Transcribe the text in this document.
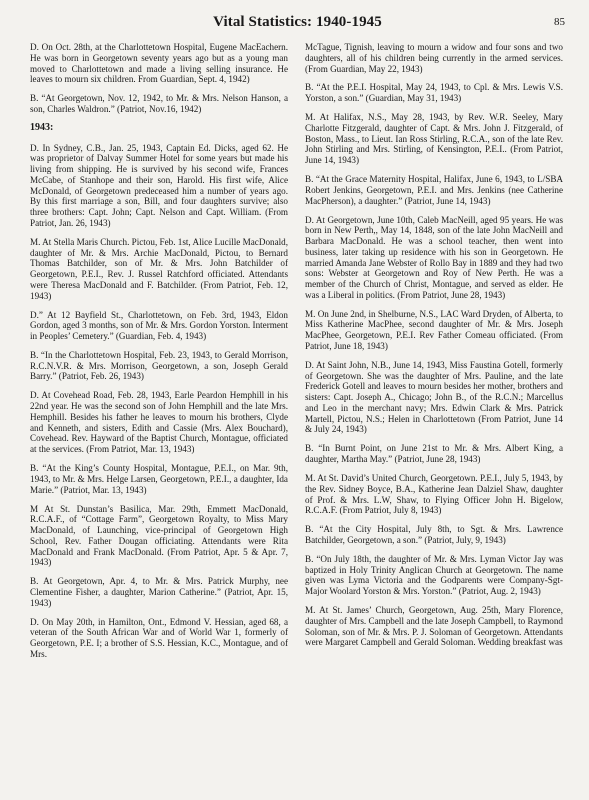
Vital Statistics: 1940-1945	85

D. On Oct. 28th, at the Charlottetown Hospital, Eugene MacEachern. He was born in Georgetown seventy years ago but as a young man moved to Charlottetown and made a living selling insurance. He leaves to mourn six children. From Guardian, Sept. 4, 1942)

B. “At Georgetown, Nov. 12, 1942, to Mr. & Mrs. Nelson Hanson, a son, Charles Waldron.” (Patriot, Nov.16, 1942)

1943:

D. In Sydney, C.B., Jan. 25, 1943, Captain Ed. Dicks, aged 62. He was proprietor of Dalvay Summer Hotel for some years but made his living from shipping. He is survived by his second wife, Frances McCabe, of Stanhope and their son, Harold. His first wife, Alice McDonald, of Georgetown predeceased him a number of years ago. By this first marriage a son, Bill, and four daughters survive; also three brothers: Capt. John; Capt. Nelson and Capt. William. (From Patriot, Jan. 26, 1943)

M. At Stella Maris Church. Pictou, Feb. 1st, Alice Lucille MacDonald, daughter of Mr. & Mrs. Archie MacDonald, Pictou, to Bernard Thomas Batchilder, son of Mr. & Mrs. John Batchilder of Georgetown, P.E.I., Rev. J. Russel Ratchford officiated. Attendants were Theresa MacDonald and F. Batchilder. (From Patriot, Feb. 12, 1943)

D.” At 12 Bayfield St., Charlottetown, on Feb. 3rd, 1943, Eldon Gordon, aged 3 months, son of Mr. & Mrs. Gordon Yorston. Interment in Peoples’ Cemetery.” (Guardian, Feb. 4, 1943)

B. “In the Charlottetown Hospital, Feb. 23, 1943, to Gerald Morrison, R.C.N.V.R. & Mrs. Morrison, Georgetown, a son, Joseph Gerald Barry.” (Patriot, Feb. 26, 1943)

D. At Covehead Road, Feb. 28, 1943, Earle Peardon Hemphill in his 22nd year. He was the second son of John Hemphill and the late Mrs. Hemphill. Besides his father he leaves to mourn his brothers, Clyde and Kenneth, and sisters, Edith and Cassie (Mrs. Alex Bouchard), Covehead. Rev. Hayward of the Baptist Church, Montague, officiated at the services. (From Patriot, Mar. 13, 1943)

B. “At the King’s County Hospital, Montague, P.E.I., on Mar. 9th, 1943, to Mr. & Mrs. Helge Larsen, Georgetown, P.E.I., a daughter, Ida Marie.” (Patriot, Mar. 13, 1943)

M At St. Dunstan’s Basilica, Mar. 29th, Emmett MacDonald, R.C.A.F., of “Cottage Farm”, Georgetown Royalty, to Miss Mary MacDonald, of Launching, vice-principal of Georgetown High School, Rev. Father Dougan officiating. Attendants were Rita MacDonald and Frank MacDonald. (From Patriot, Apr. 5 & Apr. 7, 1943)

B. At Georgetown, Apr. 4, to Mr. & Mrs. Patrick Murphy, nee Clementine Fisher, a daughter, Marion Catherine.” (Patriot, Apr. 15, 1943)

D. On May 20th, in Hamilton, Ont., Edmond V. Hessian, aged 68, a veteran of the South African War and of World War 1, formerly of Georgetown, P.E. I; a brother of S.S. Hessian, K.C., Montague, and of Mrs.

McTague, Tignish, leaving to mourn a widow and four sons and two daughters, all of his children being currently in the armed services. (From Guardian, May 22, 1943)

B. “At the P.E.I. Hospital, May 24, 1943, to Cpl. & Mrs. Lewis V.S. Yorston, a son.” (Guardian, May 31, 1943)

M. At Halifax, N.S., May 28, 1943, by Rev. W.R. Seeley, Mary Charlotte Fitzgerald, daughter of Capt. & Mrs. John J. Fitzgerald, of Boston, Mass., to Lieut. Ian Ross Stirling, R.C.A., son of the late Rev. John Stirling and Mrs. Stirling, of Kensington, P.E.I.. (From Patriot, June 14, 1943)

B. “At the Grace Maternity Hospital, Halifax, June 6, 1943, to L/SBA Robert Jenkins, Georgetown, P.E.I. and Mrs. Jenkins (nee Catherine MacPherson), a daughter.” (Patriot, June 14, 1943)

D. At Georgetown, June 10th, Caleb MacNeill, aged 95 years. He was born in New Perth,, May 14, 1848, son of the late John MacNeill and Barbara MacDonald. He was a school teacher, then went into business, later taking up residence with his son in Georgetown. He married Amanda Jane Webster of Rollo Bay in 1889 and they had two sons: Webster at Georgetown and Roy of New Perth. He was a member of the Church of Christ, Montague, and served as elder. He was a Liberal in politics. (From Patriot, June 28, 1943)

M. On June 2nd, in Shelburne, N.S., LAC Ward Dryden, of Alberta, to Miss Katherine MacPhee, second daughter of Mr. & Mrs. Joseph MacPhee, Georgetown, P.E.I. Rev Father Comeau officiated. (From Patriot, June 18, 1943)

D. At Saint John, N.B., June 14, 1943, Miss Faustina Gotell, formerly of Georgetown. She was the daughter of Mrs. Pauline, and the late Frederick Gotell and leaves to mourn besides her mother, brothers and sisters: Capt. Joseph A., Chicago; John B., of the R.C.N.; Marcellus and Leo in the merchant navy; Mrs. Edwin Clark & Mrs. Patrick Martell, Pictou, N.S.; Helen in Charlottetown (From Patriot, June 14 & July 24, 1943)

B. “In Burnt Point, on June 21st to Mr. & Mrs. Albert King, a daughter, Martha May.” (Patriot, June 28, 1943)

M. At St. David’s United Church, Georgetown. P.E.I., July 5, 1943, by the Rev. Sidney Boyce, B.A., Katherine Jean Dalziel Shaw, daughter of Prof. & Mrs. L.W, Shaw, to Flying Officer John H. Bigelow, R.C.A.F. (From Patriot, July 8, 1943)

B. “At the City Hospital, July 8th, to Sgt. & Mrs. Lawrence Batchilder, Georgetown, a son.” (Patriot, July, 9, 1943)

B. “On July 18th, the daughter of Mr. & Mrs. Lyman Victor Jay was baptized in Holy Trinity Anglican Church at Georgetown. The name given was Lyma Victoria and the Godparents were Company-Sgt-Major Woolard Yorston & Mrs. Yorston.” (Patriot, Aug. 2, 1943)

M. At St. James’ Church, Georgetown, Aug. 25th, Mary Florence, daughter of Mrs. Campbell and the late Joseph Campbell, to Raymond Soloman, son of Mr. & Mrs. P. J. Soloman of Georgetown. Attendants were Margaret Campbell and Gerald Soloman. Wedding breakfast was
